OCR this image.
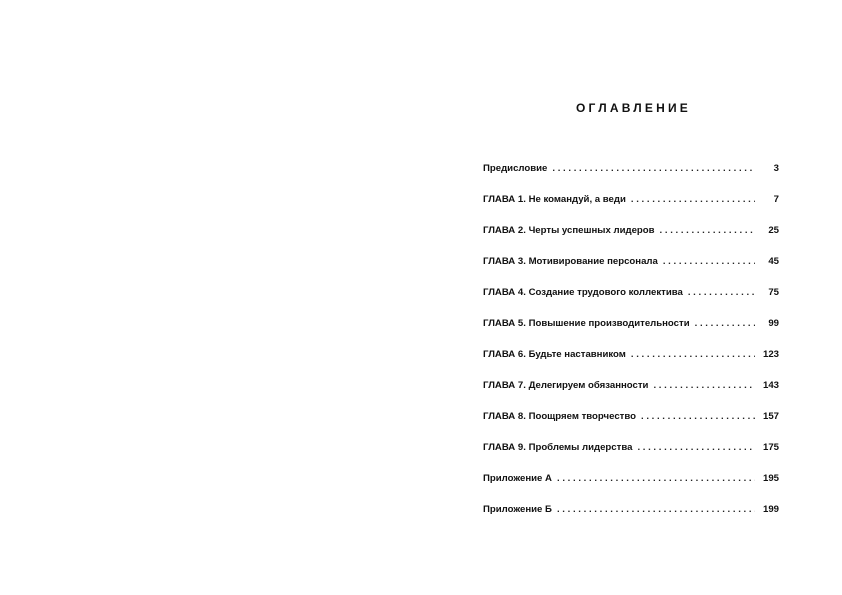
ОГЛАВЛЕНИЕ
Предисловие . . .	3
ГЛАВА 1. Не командуй, а веди . . .	7
ГЛАВА 2. Черты успешных лидеров . . .	25
ГЛАВА 3. Мотивирование персонала . . .	45
ГЛАВА 4. Создание трудового коллектива . . .	75
ГЛАВА 5. Повышение производительности . . .	99
ГЛАВА 6. Будьте наставником . . .	123
ГЛАВА 7. Делегируем обязанности . . .	143
ГЛАВА 8. Поощряем творчество . . .	157
ГЛАВА 9. Проблемы лидерства . . .	175
Приложение А . . .	195
Приложение Б . . .	199
